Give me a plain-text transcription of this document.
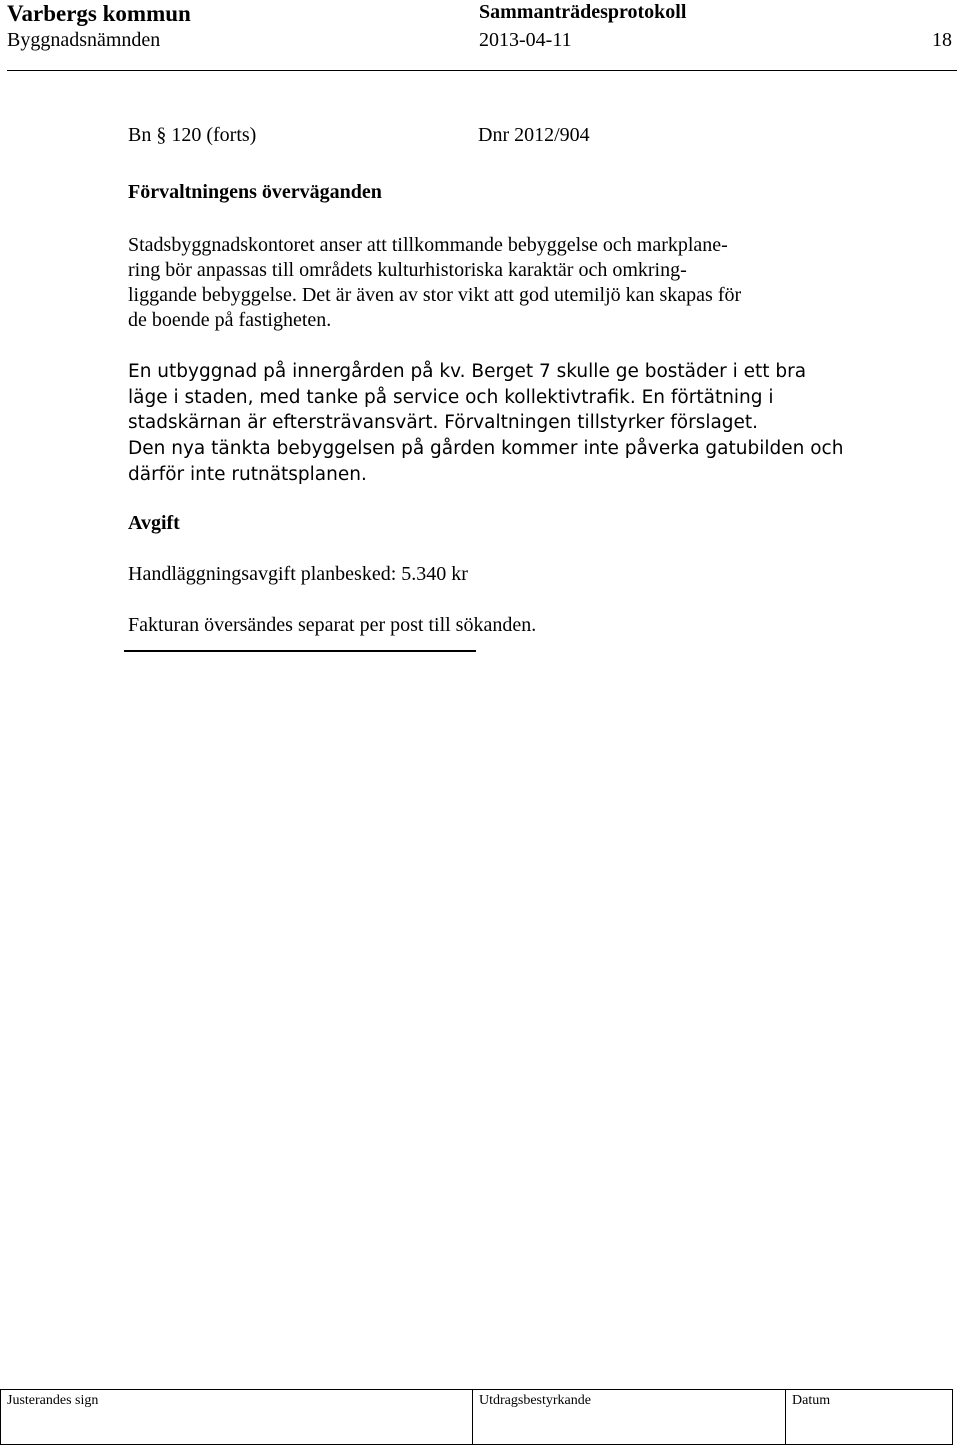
Varbergs kommun	Sammanträdesprotokoll
Byggnadsnämnden	2013-04-11	18
Bn § 120 (forts)	Dnr 2012/904
Förvaltningens överväganden
Stadsbyggnadskontoret anser att tillkommande bebyggelse och markplane-
ring bör anpassas till områdets kulturhistoriska karaktär och omkring-
liggande bebyggelse. Det är även av stor vikt att god utemiljö kan skapas för
de boende på fastigheten.
En utbyggnad på innergården på kv. Berget 7 skulle ge bostäder i ett bra
läge i staden, med tanke på service och kollektivtrafik. En förtätning i
stadskärnan är eftersträvansvärt. Förvaltningen tillstyrker förslaget.
Den nya tänkta bebyggelsen på gården kommer inte påverka gatubilden och
därför inte rutnätsplanen.
Avgift
Handläggningsavgift planbesked: 5.340 kr
Fakturan översändes separat per post till sökanden.
Justerandes sign	Utdragsbestyrkande	Datum
